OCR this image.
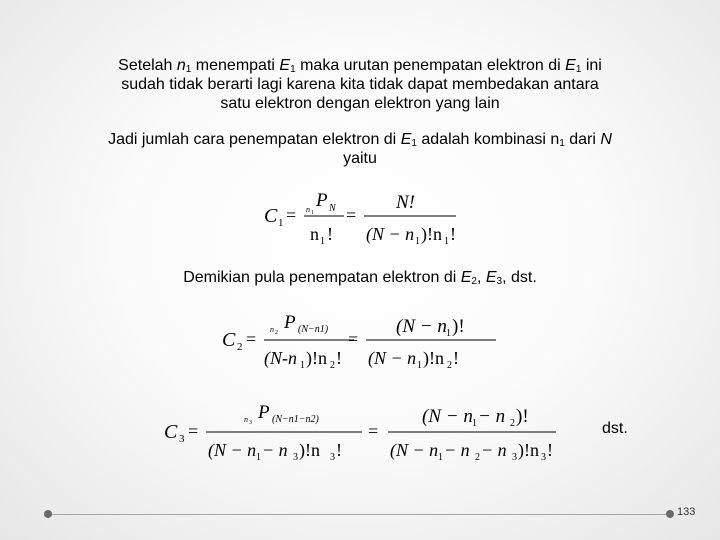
Setelah $n_1$ menempati $E_1$ maka urutan penempatan elektron di $E_1$ ini
sudah tidak berarti lagi karena kita tidak dapat membedakan antara
satu elektron dengan elektron yang lain
Jadi jumlah cara penempatan elektron di $E_1$ adalah kombinasi $n_1$ dari N
yaitu
C 1 = n 1
P N
n 1 !
=
N!
(N − n 1 )!n 1 !
Demikian pula penempatan elektron di $E_2$, $E_3$, dst.
C 2 = n 2 P (N−n1)
(N-n 1 )!n 2 !
=
(N − n 1 )!
(N − n 1 )!n 2 !
C 3 =
n 3 P (N−n1−n2)
(N − n 1 − n 3 )!n 3 !
=
(N − n 1 − n 2 )!
(N − n 1 − n 2 − n 3 )!n 3 !
dst.
133
